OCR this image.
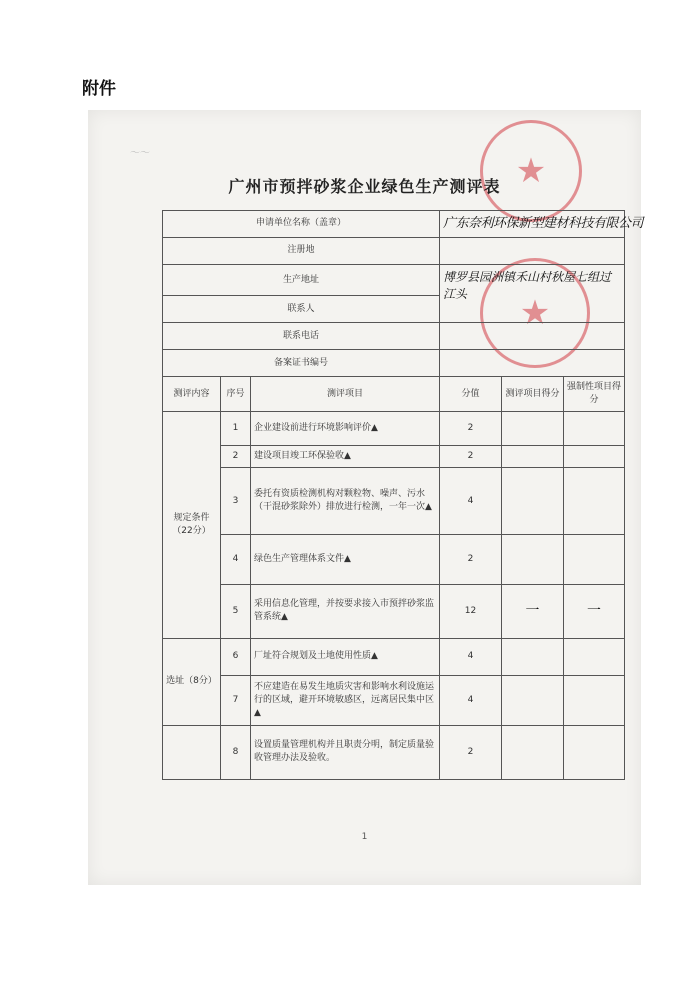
附件
〜〜	★
★
广州市预拌砂浆企业绿色生产测评表
申请单位名称（盖章）			广东奈利环保新型建材科技有限公司		
注册地					
生产地址			博罗县园洲镇禾山村秋屋七组过江头		
联系人					
联系电话					
备案证书编号					
测评内容	序号	测评项目	分值	测评项目得分	强制性项目得分
规定条件（22分）	1	企业建设前进行环境影响评价▲	2		
	2	建设项目竣工环保验收▲	2		
	3	委托有资质检测机构对颗粒物、噪声、污水（干混砂浆除外）排放进行检测，一年一次▲	4		
	4	绿色生产管理体系文件▲	2		
	5	采用信息化管理，并按要求接入市预拌砂浆监管系统▲	12	一	一
选址（8分）	6	厂址符合规划及土地使用性质▲	4		
	7	不应建造在易发生地质灾害和影响水利设施运行的区域，避开环境敏感区，远离居民集中区▲	4		
	8	设置质量管理机构并且职责分明，制定质量验收管理办法及验收。	2		
1
